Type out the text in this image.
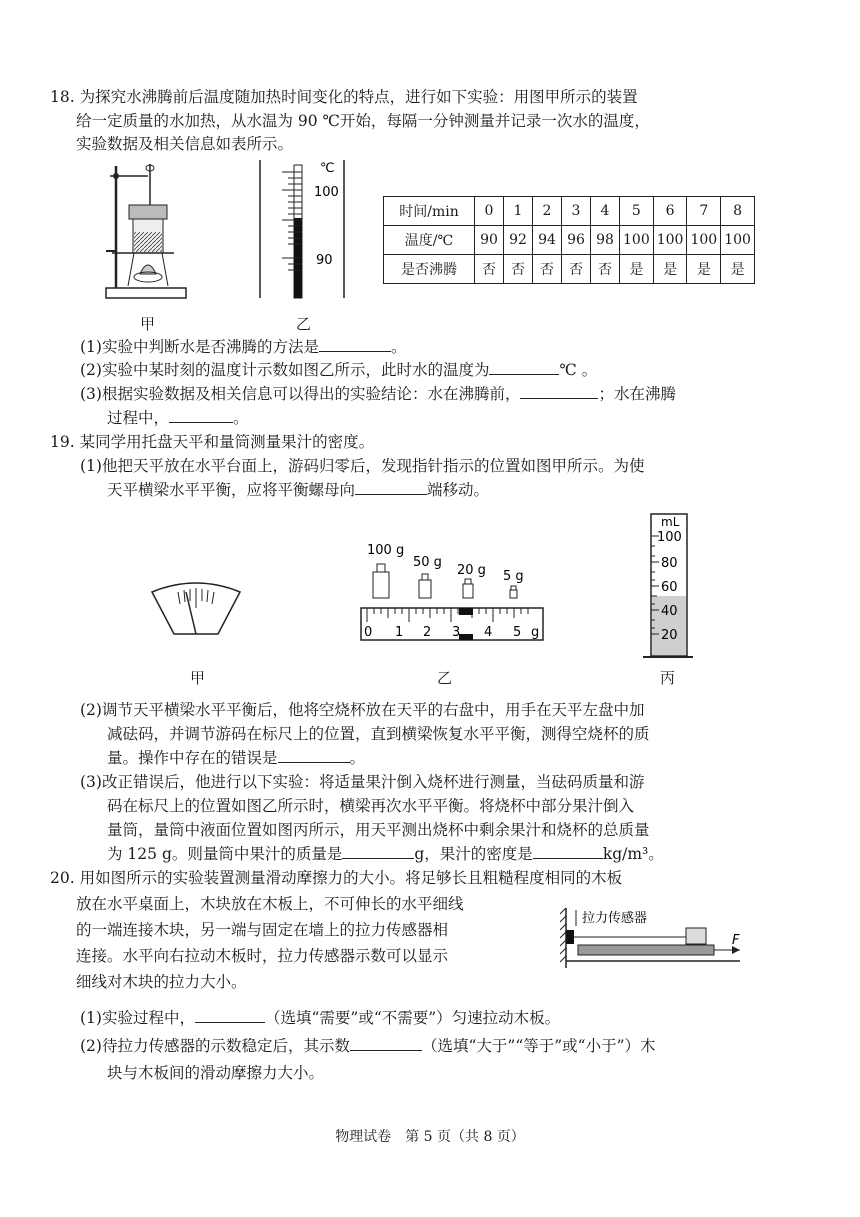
18. 为探究水沸腾前后温度随加热时间变化的特点，进行如下实验：用图甲所示的装置
给一定质量的水加热，从水温为 90 ℃开始，每隔一分钟测量并记录一次水的温度，
实验数据及相关信息如表所示。
甲
℃
100
90
乙
时间/min	0	1	2	3	4	5	6	7	8
温度/℃	90	92	94	96	98	100	100	100	100
是否沸腾	否	否	否	否	否	是	是	是	是
(1)实验中判断水是否沸腾的方法是	。
(2)实验中某时刻的温度计示数如图乙所示，此时水的温度为	℃ 。
(3)根据实验数据及相关信息可以得出的实验结论：水在沸腾前，	；水在沸腾
过程中，	。
19. 某同学用托盘天平和量筒测量果汁的密度。
(1)他把天平放在水平台面上，游码归零后，发现指针指示的位置如图甲所示。为使
天平横梁水平平衡，应将平衡螺母向	端移动。
甲
100 g
50 g
20 g 5 g
0 1 2 3 4 5 g
乙
mL
100
80
60
40
20
丙
(2)调节天平横梁水平平衡后，他将空烧杯放在天平的右盘中，用手在天平左盘中加
减砝码，并调节游码在标尺上的位置，直到横梁恢复水平平衡，测得空烧杯的质
量。操作中存在的错误是	。
(3)改正错误后，他进行以下实验：将适量果汁倒入烧杯进行测量，当砝码质量和游
码在标尺上的位置如图乙所示时，横梁再次水平平衡。将烧杯中部分果汁倒入
量筒，量筒中液面位置如图丙所示，用天平测出烧杯中剩余果汁和烧杯的总质量
为 125 g。则量筒中果汁的质量是	g，果汁的密度是	kg/m³。
20. 用如图所示的实验装置测量滑动摩擦力的大小。将足够长且粗糙程度相同的木板
放在水平桌面上，木块放在木板上，不可伸长的水平细线
的一端连接木块，另一端与固定在墙上的拉力传感器相
连接。水平向右拉动木板时，拉力传感器示数可以显示
细线对木块的拉力大小。
拉力传感器
F
(1)实验过程中，	（选填“需要”或“不需要”）匀速拉动木板。
(2)待拉力传感器的示数稳定后，其示数	（选填“大于”“等于”或“小于”）木
块与木板间的滑动摩擦力大小。
物理试卷　第 5 页（共 8 页）
